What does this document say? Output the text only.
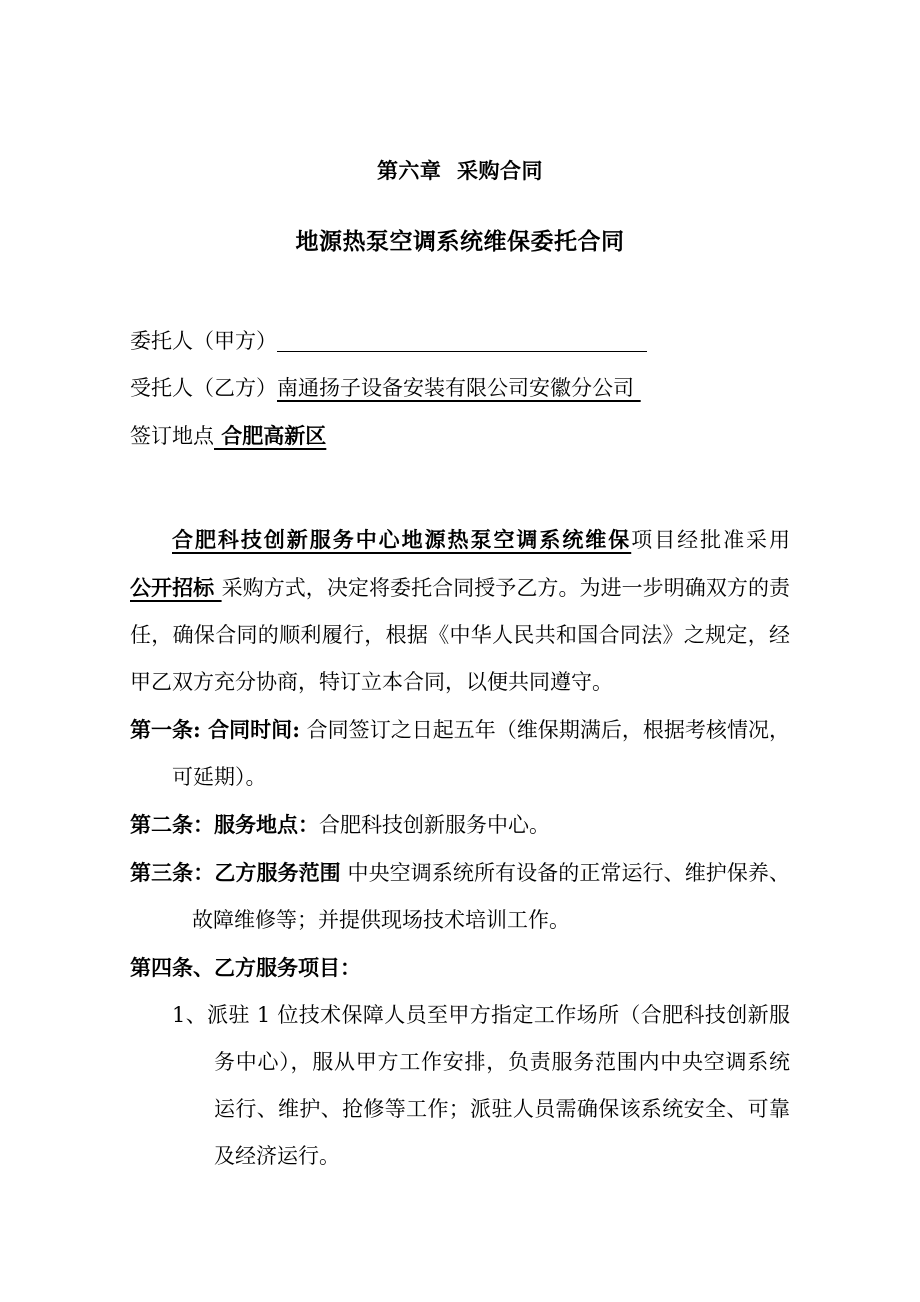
第六章  采购合同
地源热泵空调系统维保委托合同
委托人（甲方）
受托人（乙方）南通扬子设备安装有限公司安徽分公司
签订地点 合肥高新区

合肥科技创新服务中心地源热泵空调系统维保项目经批准采用 公开招标 采购方式，决定将委托合同授予乙方。为进一步明确双方的责任，确保合同的顺利履行，根据《中华人民共和国合同法》之规定，经甲乙双方充分协商，特订立本合同，以便共同遵守。

第一条: 合同时间: 合同签订之日起五年（维保期满后，根据考核情况，可延期）。

第二条：服务地点：合肥科技创新服务中心。

第三条：乙方服务范围 中央空调系统所有设备的正常运行、维护保养、故障维修等；并提供现场技术培训工作。

第四条、乙方服务项目：

1、派驻 1 位技术保障人员至甲方指定工作场所（合肥科技创新服务中心），服从甲方工作安排，负责服务范围内中央空调系统运行、维护、抢修等工作；派驻人员需确保该系统安全、可靠及经济运行。
